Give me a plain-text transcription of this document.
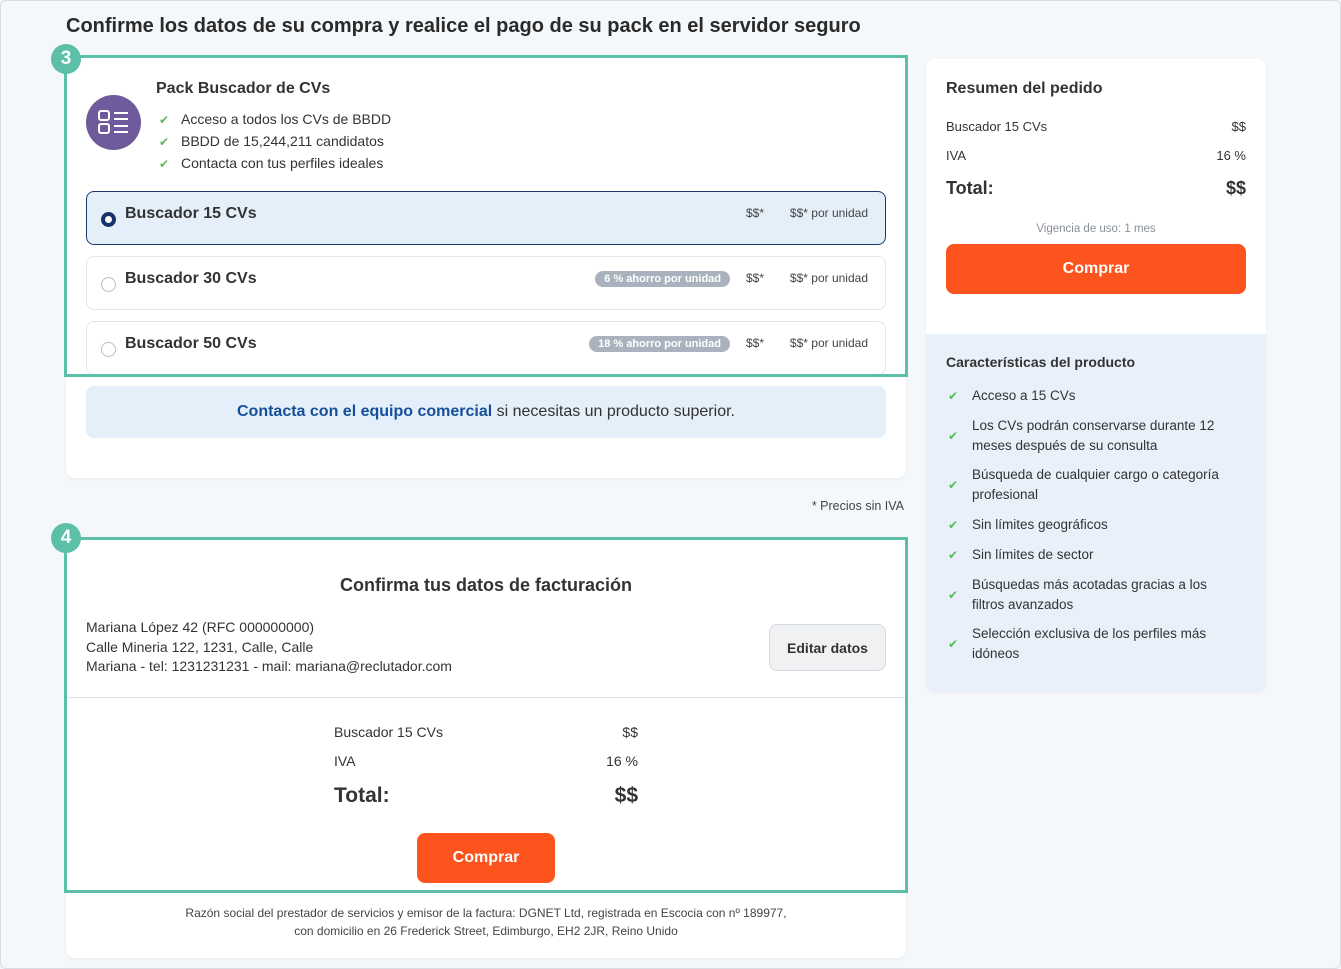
Confirme los datos de su compra y realice el pago de su pack en el servidor seguro
Pack Buscador de CVs
✔ Acceso a todos los CVs de BBDD
✔ BBDD de 15,244,211 candidatos
✔ Contacta con tus perfiles ideales
Buscador 15 CVs	$$* $$* por unidad
Buscador 30 CVs	6 % ahorro por unidad	$$* $$* por unidad
Buscador 50 CVs	18 % ahorro por unidad	$$* $$* por unidad
3
Contacta con el equipo comercial si necesitas un producto superior.
* Precios sin IVA
Confirma tus datos de facturación
Mariana López 42 (RFC 000000000)
Calle Mineria 122, 1231, Calle, Calle
Mariana - tel: 1231231231 - mail: mariana@reclutador.com
Editar datos
Buscador 15 CVs	$$
IVA	16 %
Total:	$$
Comprar
4
Razón social del prestador de servicios y emisor de la factura: DGNET Ltd, registrada en Escocia con nº 189977, con domicilio en 26 Frederick Street, Edimburgo, EH2 2JR, Reino Unido
Resumen del pedido
Buscador 15 CVs	$$
IVA	16 %
Total:	$$
Vigencia de uso: 1 mes
Comprar
Características del producto
✔	Acceso a 15 CVs
✔
Los CVs podrán conservarse durante 12 meses después de su consulta
✔
Búsqueda de cualquier cargo o categoría profesional
✔	Sin límites geográficos
✔	Sin límites de sector
✔
Búsquedas más acotadas gracias a los filtros avanzados
✔
Selección exclusiva de los perfiles más idóneos
